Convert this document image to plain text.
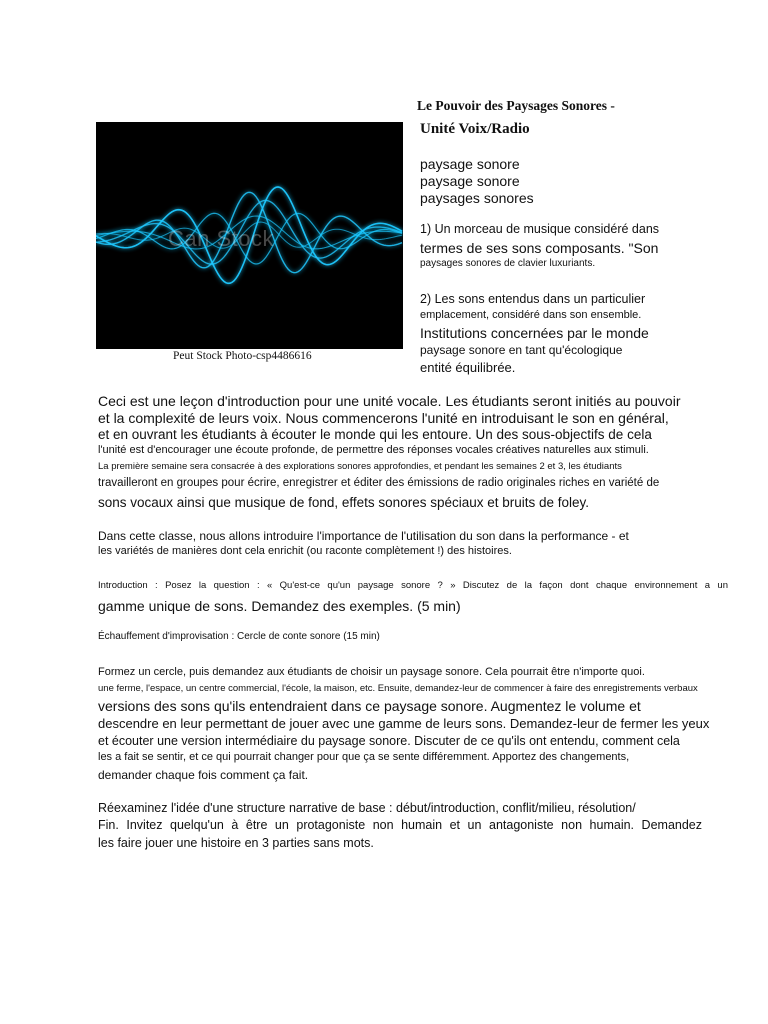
Le Pouvoir des Paysages Sonores -
Unité Voix/Radio
Can Stock
Peut Stock Photo-csp4486616
paysage sonore
paysage sonore
paysages sonores
1) Un morceau de musique considéré dans
termes de ses sons composants. "Son
paysages sonores de clavier luxuriants.
2) Les sons entendus dans un particulier
emplacement, considéré dans son ensemble.
Institutions concernées par le monde
paysage sonore en tant qu'écologique
entité équilibrée.
Ceci est une leçon d'introduction pour une unité vocale. Les étudiants seront initiés au pouvoir
et la complexité de leurs voix. Nous commencerons l'unité en introduisant le son en général,
et en ouvrant les étudiants à écouter le monde qui les entoure. Un des sous-objectifs de cela
l'unité est d'encourager une écoute profonde, de permettre des réponses vocales créatives naturelles aux stimuli.
La première semaine sera consacrée à des explorations sonores approfondies, et pendant les semaines 2 et 3, les étudiants
travailleront en groupes pour écrire, enregistrer et éditer des émissions de radio originales riches en variété de
sons vocaux ainsi que musique de fond, effets sonores spéciaux et bruits de foley.
Dans cette classe, nous allons introduire l'importance de l'utilisation du son dans la performance - et
les variétés de manières dont cela enrichit (ou raconte complètement !) des histoires.
Introduction : Posez la question : « Qu'est-ce qu'un paysage sonore ? » Discutez de la façon dont chaque environnement a un
gamme unique de sons. Demandez des exemples. (5 min)
Échauffement d'improvisation : Cercle de conte sonore (15 min)
Formez un cercle, puis demandez aux étudiants de choisir un paysage sonore. Cela pourrait être n'importe quoi.
une ferme, l'espace, un centre commercial, l'école, la maison, etc. Ensuite, demandez-leur de commencer à faire des enregistrements verbaux
versions des sons qu'ils entendraient dans ce paysage sonore. Augmentez le volume et
descendre en leur permettant de jouer avec une gamme de leurs sons. Demandez-leur de fermer les yeux
et écouter une version intermédiaire du paysage sonore. Discuter de ce qu'ils ont entendu, comment cela
les a fait se sentir, et ce qui pourrait changer pour que ça se sente différemment. Apportez des changements,
demander chaque fois comment ça fait.
Réexaminez l'idée d'une structure narrative de base : début/introduction, conflit/milieu, résolution/
Fin. Invitez quelqu'un à être un protagoniste non humain et un antagoniste non humain. Demandez
les faire jouer une histoire en 3 parties sans mots.
